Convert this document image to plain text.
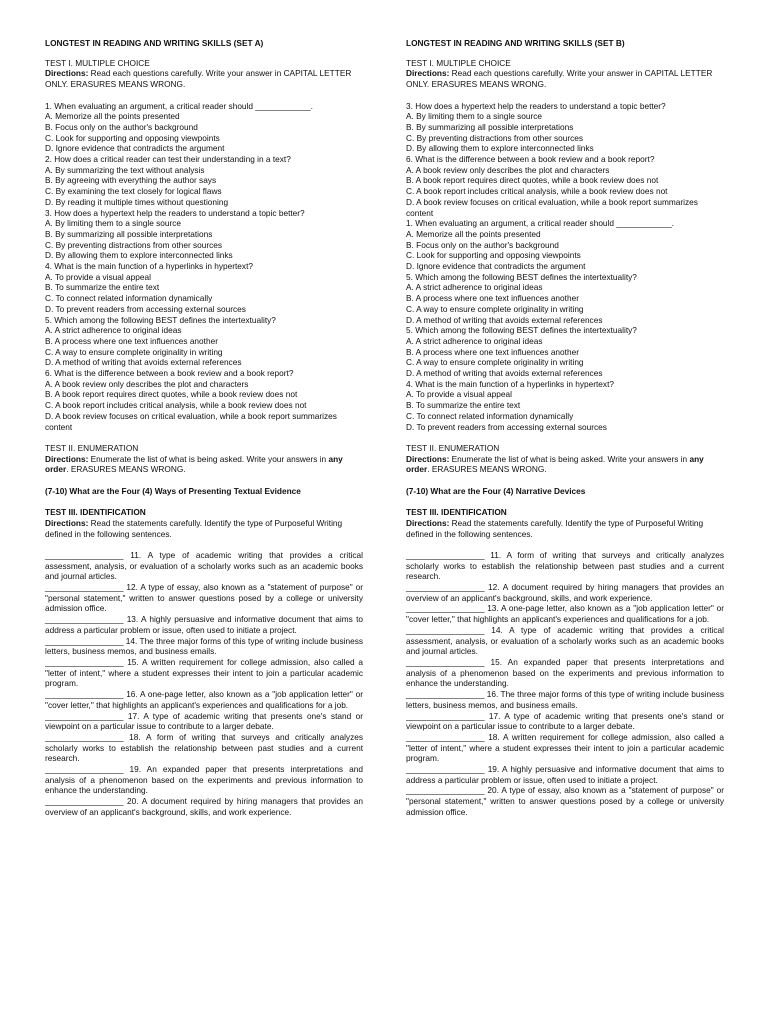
LONGTEST IN READING AND WRITING SKILLS (SET A)
TEST I. MULTIPLE CHOICE
Directions: Read each questions carefully. Write your answer in CAPITAL LETTER ONLY. ERASURES MEANS WRONG.
1. When evaluating an argument, a critical reader should ____________.
A. Memorize all the points presented
B. Focus only on the author's background
C. Look for supporting and opposing viewpoints
D. Ignore evidence that contradicts the argument
2. How does a critical reader can test their understanding in a text?
A. By summarizing the text without analysis
B. By agreeing with everything the author says
C. By examining the text closely for logical flaws
D. By reading it multiple times without questioning
3. How does a hypertext help the readers to understand a topic better?
A. By limiting them to a single source
B. By summarizing all possible interpretations
C. By preventing distractions from other sources
D. By allowing them to explore interconnected links
4. What is the main function of a hyperlinks in hypertext?
A. To provide a visual appeal
B. To summarize the entire text
C. To connect related information dynamically
D. To prevent readers from accessing external sources
5. Which among the following BEST defines the intertextuality?
A. A strict adherence to original ideas
B. A process where one text influences another
C. A way to ensure complete originality in writing
D. A method of writing that avoids external references
6. What is the difference between a book review and a book report?
A. A book review only describes the plot and characters
B. A book report requires direct quotes, while a book review does not
C. A book report includes critical analysis, while a book review does not
D. A book review focuses on critical evaluation, while a book report summarizes content
TEST II. ENUMERATION
Directions: Enumerate the list of what is being asked. Write your answers in any order. ERASURES MEANS WRONG.
(7-10) What are the Four (4) Ways of Presenting Textual Evidence
TEST III. IDENTIFICATION
Directions: Read the statements carefully. Identify the type of Purposeful Writing defined in the following sentences.
_________________ 11. A type of academic writing that provides a critical assessment, analysis, or evaluation of a scholarly works such as an academic books and journal articles.
_________________ 12. A type of essay, also known as a "statement of purpose" or "personal statement," written to answer questions posed by a college or university admission office.
_________________ 13. A highly persuasive and informative document that aims to address a particular problem or issue, often used to initiate a project.
_________________ 14. The three major forms of this type of writing include business letters, business memos, and business emails.
_________________ 15. A written requirement for college admission, also called a "letter of intent," where a student expresses their intent to join a particular academic program.
_________________ 16. A one-page letter, also known as a "job application letter" or "cover letter," that highlights an applicant's experiences and qualifications for a job.
_________________ 17. A type of academic writing that presents one's stand or viewpoint on a particular issue to contribute to a larger debate.
_________________ 18. A form of writing that surveys and critically analyzes scholarly works to establish the relationship between past studies and a current research.
_________________ 19. An expanded paper that presents interpretations and analysis of a phenomenon based on the experiments and previous information to enhance the understanding.
_________________ 20. A document required by hiring managers that provides an overview of an applicant's background, skills, and work experience.
LONGTEST IN READING AND WRITING SKILLS (SET B)
TEST I. MULTIPLE CHOICE
Directions: Read each questions carefully. Write your answer in CAPITAL LETTER ONLY. ERASURES MEANS WRONG.
3. How does a hypertext help the readers to understand a topic better?
A. By limiting them to a single source
B. By summarizing all possible interpretations
C. By preventing distractions from other sources
D. By allowing them to explore interconnected links
6. What is the difference between a book review and a book report?
A. A book review only describes the plot and characters
B. A book report requires direct quotes, while a book review does not
C. A book report includes critical analysis, while a book review does not
D. A book review focuses on critical evaluation, while a book report summarizes content
1. When evaluating an argument, a critical reader should ____________.
A. Memorize all the points presented
B. Focus only on the author's background
C. Look for supporting and opposing viewpoints
D. Ignore evidence that contradicts the argument
5. Which among the following BEST defines the intertextuality?
A. A strict adherence to original ideas
B. A process where one text influences another
C. A way to ensure complete originality in writing
D. A method of writing that avoids external references
5. Which among the following BEST defines the intertextuality?
A. A strict adherence to original ideas
B. A process where one text influences another
C. A way to ensure complete originality in writing
D. A method of writing that avoids external references
4. What is the main function of a hyperlinks in hypertext?
A. To provide a visual appeal
B. To summarize the entire text
C. To connect related information dynamically
D. To prevent readers from accessing external sources
TEST II. ENUMERATION
Directions: Enumerate the list of what is being asked. Write your answers in any order. ERASURES MEANS WRONG.
(7-10) What are the Four (4) Narrative Devices
TEST III. IDENTIFICATION
Directions: Read the statements carefully. Identify the type of Purposeful Writing defined in the following sentences.
_________________ 11. A form of writing that surveys and critically analyzes scholarly works to establish the relationship between past studies and a current research.
_________________ 12. A document required by hiring managers that provides an overview of an applicant's background, skills, and work experience.
_________________ 13. A one-page letter, also known as a "job application letter" or "cover letter," that highlights an applicant's experiences and qualifications for a job.
_________________ 14. A type of academic writing that provides a critical assessment, analysis, or evaluation of a scholarly works such as an academic books and journal articles.
_________________ 15. An expanded paper that presents interpretations and analysis of a phenomenon based on the experiments and previous information to enhance the understanding.
_________________ 16. The three major forms of this type of writing include business letters, business memos, and business emails.
_________________ 17. A type of academic writing that presents one's stand or viewpoint on a particular issue to contribute to a larger debate.
_________________ 18. A written requirement for college admission, also called a "letter of intent," where a student expresses their intent to join a particular academic program.
_________________ 19. A highly persuasive and informative document that aims to address a particular problem or issue, often used to initiate a project.
_________________ 20. A type of essay, also known as a "statement of purpose" or "personal statement," written to answer questions posed by a college or university admission office.
